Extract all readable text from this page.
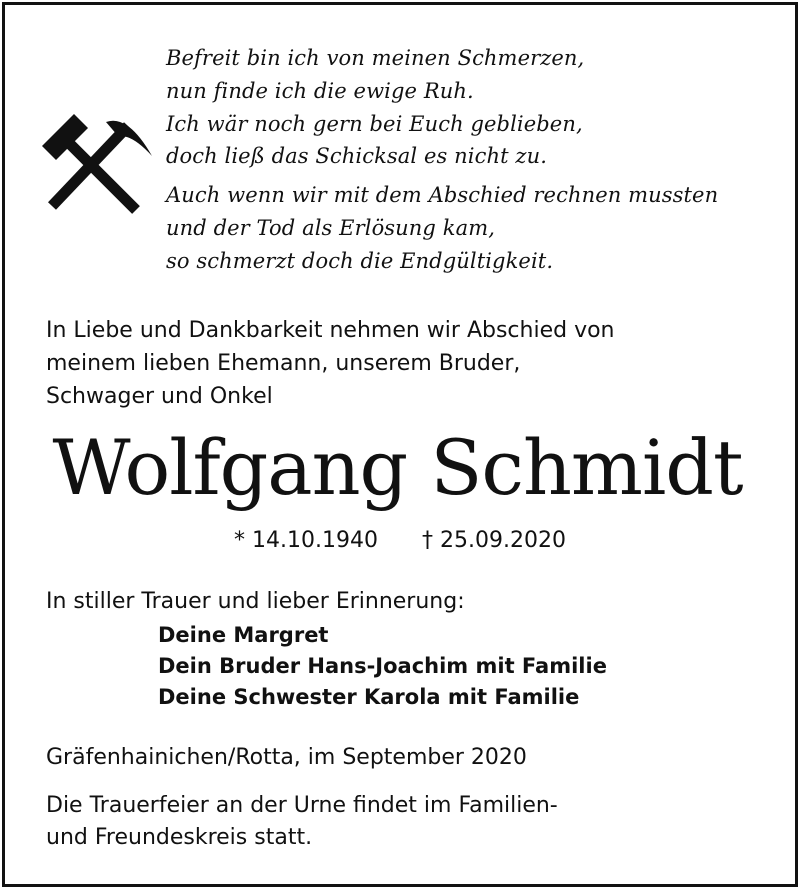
Befreit bin ich von meinen Schmerzen,
nun finde ich die ewige Ruh.
Ich wär noch gern bei Euch geblieben,
doch ließ das Schicksal es nicht zu.
Auch wenn wir mit dem Abschied rechnen mussten
und der Tod als Erlösung kam,
so schmerzt doch die Endgültigkeit.
In Liebe und Dankbarkeit nehmen wir Abschied von
meinem lieben Ehemann, unserem Bruder,
Schwager und Onkel
Wolfgang Schmidt
* 14.10.1940 † 25.09.2020
In stiller Trauer und lieber Erinnerung:
Deine Margret
Dein Bruder Hans-Joachim mit Familie
Deine Schwester Karola mit Familie
Gräfenhainichen/Rotta, im September 2020
Die Trauerfeier an der Urne findet im Familien-
und Freundeskreis statt.
